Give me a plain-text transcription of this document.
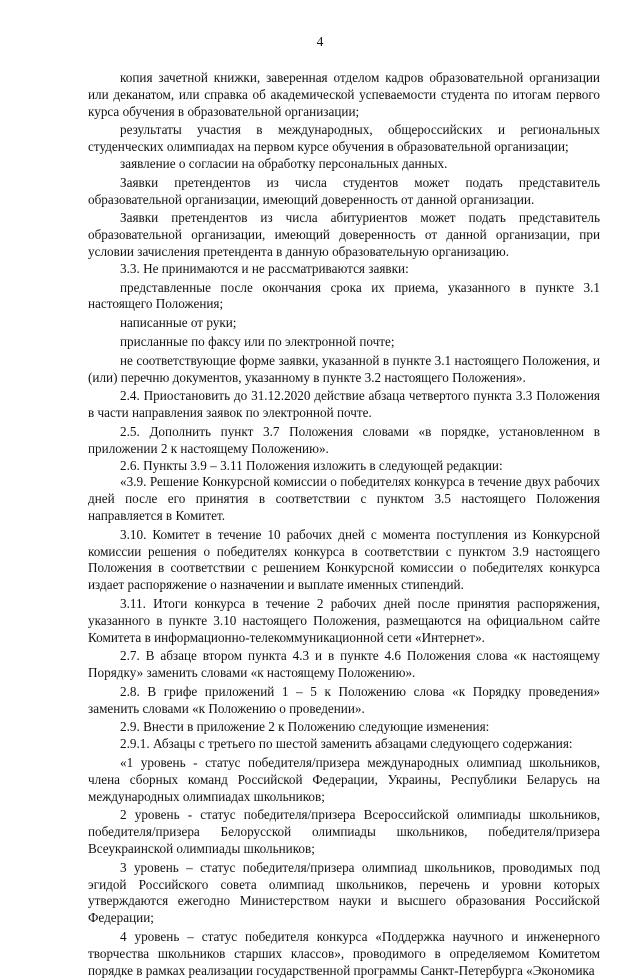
4

копия зачетной книжки, заверенная отделом кадров образовательной организации или деканатом, или справка об академической успеваемости студента по итогам первого курса обучения в образовательной организации;

результаты участия в международных, общероссийских и региональных студенческих олимпиадах на первом курсе обучения в образовательной организации;

заявление о согласии на обработку персональных данных.

Заявки претендентов из числа студентов может подать представитель образовательной организации, имеющий доверенность от данной организации.

Заявки претендентов из числа абитуриентов может подать представитель образовательной организации, имеющий доверенность от данной организации, при условии зачисления претендента в данную образовательную организацию.

3.3. Не принимаются и не рассматриваются заявки:

представленные после окончания срока их приема, указанного в пункте 3.1 настоящего Положения;

написанные от руки;

присланные по факсу или по электронной почте;

не соответствующие форме заявки, указанной в пункте 3.1 настоящего Положения, и (или) перечню документов, указанному в пункте 3.2 настоящего Положения».

2.4. Приостановить до 31.12.2020 действие абзаца четвертого пункта 3.3 Положения в части направления заявок по электронной почте.

2.5. Дополнить пункт 3.7 Положения словами «в порядке, установленном в приложении 2 к настоящему Положению».

2.6. Пункты 3.9 – 3.11 Положения изложить в следующей редакции:

«3.9. Решение Конкурсной комиссии о победителях конкурса в течение двух рабочих дней после его принятия в соответствии с пунктом 3.5 настоящего Положения направляется в Комитет.

3.10. Комитет в течение 10 рабочих дней с момента поступления из Конкурсной комиссии решения о победителях конкурса в соответствии с пунктом 3.9 настоящего Положения в соответствии с решением Конкурсной комиссии о победителях конкурса издает распоряжение о назначении и выплате именных стипендий.

3.11. Итоги конкурса в течение 2 рабочих дней после принятия распоряжения, указанного в пункте 3.10 настоящего Положения, размещаются на официальном сайте Комитета в информационно-телекоммуникационной сети «Интернет».

2.7. В абзаце втором пункта 4.3 и в пункте 4.6 Положения слова «к настоящему Порядку» заменить словами «к настоящему Положению».

2.8. В грифе приложений 1 – 5 к Положению слова «к Порядку проведения» заменить словами «к Положению о проведении».

2.9. Внести в приложение 2 к Положению следующие изменения:

2.9.1. Абзацы с третьего по шестой заменить абзацами следующего содержания:

«1 уровень - статус победителя/призера международных олимпиад школьников, члена сборных команд Российской Федерации, Украины, Республики Беларусь на международных олимпиадах школьников;

2 уровень - статус победителя/призера Всероссийской олимпиады школьников, победителя/призера Белорусской олимпиады школьников, победителя/призера Всеукраинской олимпиады школьников;

3 уровень – статус победителя/призера олимпиад школьников, проводимых под эгидой Российского совета олимпиад школьников, перечень и уровни которых утверждаются ежегодно Министерством науки и высшего образования Российской Федерации;

4 уровень – статус победителя конкурса «Поддержка научного и инженерного творчества школьников старших классов», проводимого в определяемом Комитетом порядке в рамках реализации государственной программы Санкт-Петербурга «Экономика
